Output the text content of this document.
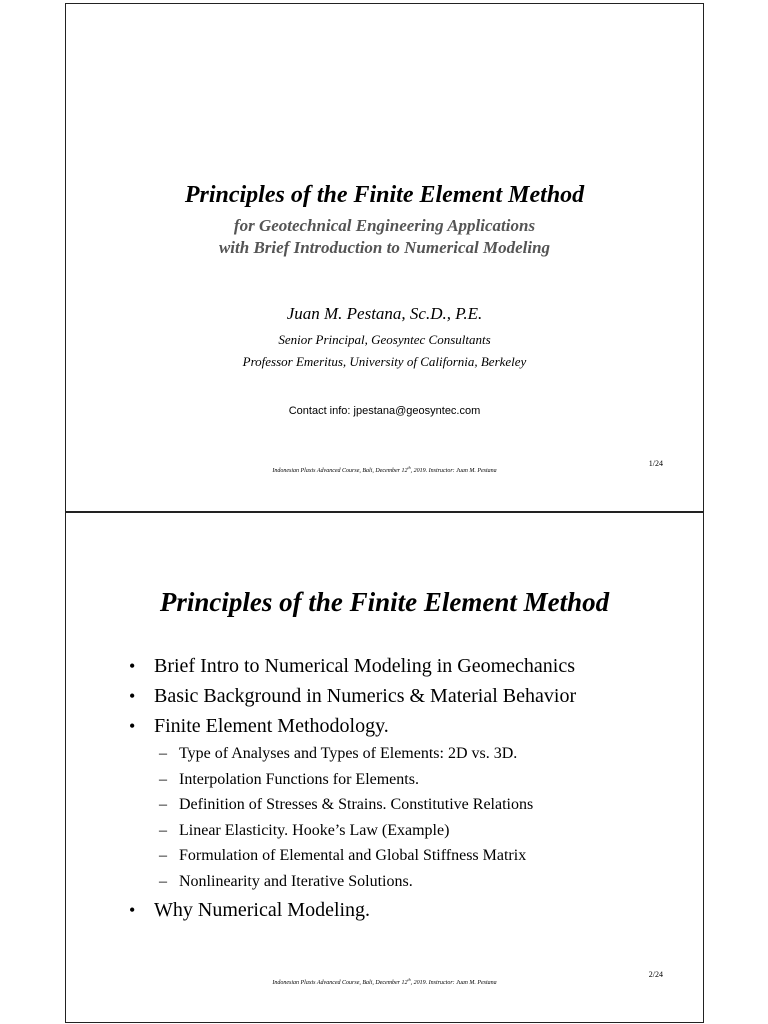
Principles of the Finite Element Method
for Geotechnical Engineering Applications
with Brief Introduction to Numerical Modeling
Juan M. Pestana, Sc.D., P.E.
Senior Principal, Geosyntec Consultants
Professor Emeritus, University of California, Berkeley
Contact info: jpestana@geosyntec.com
Indonesian Plaxis Advanced Course, Bali, December 12th, 2019. Instructor: Juan M. Pestana
1/24
Principles of the Finite Element Method
• Brief Intro to Numerical Modeling in Geomechanics
• Basic Background in Numerics & Material Behavior
• Finite Element Methodology.
– Type of Analyses and Types of Elements: 2D vs. 3D.
– Interpolation Functions for Elements.
– Definition of Stresses & Strains. Constitutive Relations
– Linear Elasticity. Hooke’s Law (Example)
– Formulation of Elemental and Global Stiffness Matrix
– Nonlinearity and Iterative Solutions.
• Why Numerical Modeling.
Indonesian Plaxis Advanced Course, Bali, December 12th, 2019. Instructor: Juan M. Pestana
2/24
